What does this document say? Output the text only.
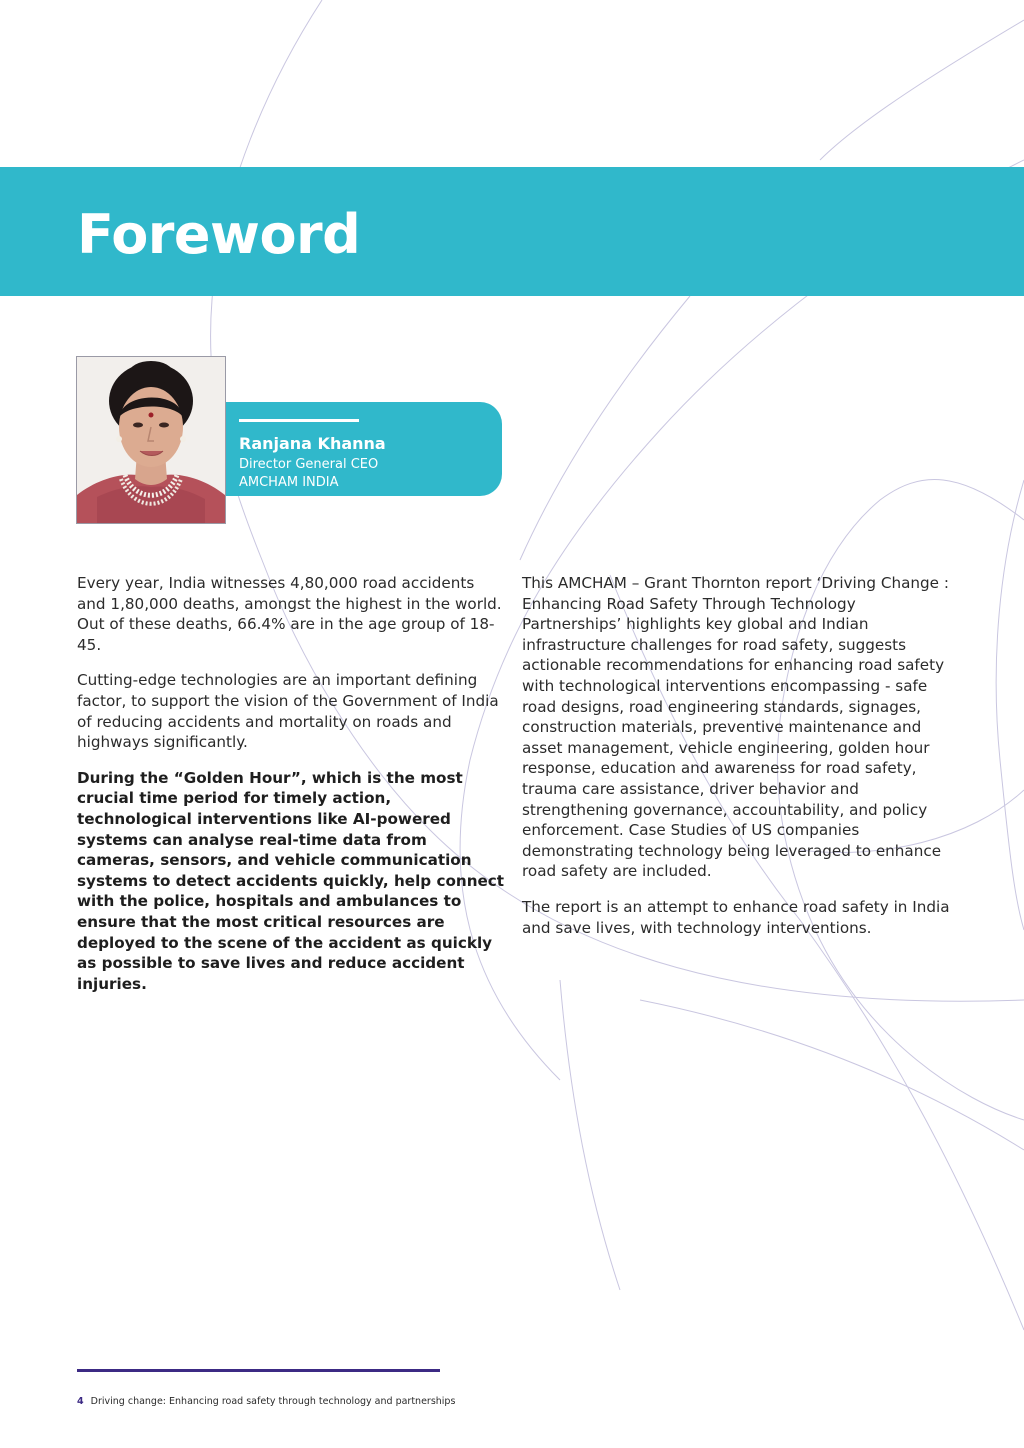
Foreword
Ranjana Khanna
Director General CEO
AMCHAM INDIA

Every year, India witnesses 4,80,000 road accidents and 1,80,000 deaths, amongst the highest in the world. Out of these deaths, 66.4% are in the age group of 18-45.

Cutting-edge technologies are an important defining factor, to support the vision of the Government of India of reducing accidents and mortality on roads and highways significantly.

During the “Golden Hour”, which is the most crucial time period for timely action, technological interventions like AI-powered systems can analyse real-time data from cameras, sensors, and vehicle communication systems to detect accidents quickly, help connect with the police, hospitals and ambulances to ensure that the most critical resources are deployed to the scene of the accident as quickly as possible to save lives and reduce accident injuries.

This AMCHAM – Grant Thornton report ‘Driving Change : Enhancing Road Safety Through Technology Partnerships’ highlights key global and Indian infrastructure challenges for road safety, suggests actionable recommendations for enhancing road safety with technological interventions encompassing - safe road designs, road engineering standards, signages, construction materials, preventive maintenance and asset management, vehicle engineering, golden hour response, education and awareness for road safety, trauma care assistance, driver behavior and strengthening governance, accountability, and policy enforcement. Case Studies of US companies demonstrating technology being leveraged to enhance road safety are included.

The report is an attempt to enhance road safety in India and save lives, with technology interventions.

4 Driving change: Enhancing road safety through technology and partnerships
